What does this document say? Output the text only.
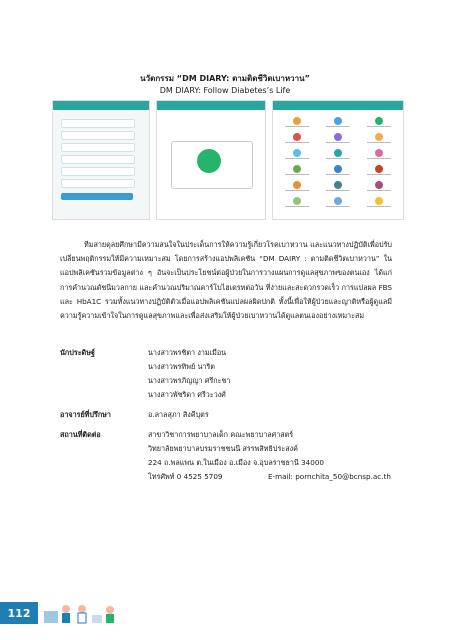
นวัตกรรม “DM DIARY: ตามติดชีวิตเบาหวาน”
DM DIARY: Follow Diabetes’s Life

ทีมสายดุลยศึกษามีความสนใจในประเด็นการให้ความรู้เกี่ยวโรคเบาหวาน และแนวทางปฏิบัติเพื่อปรับเปลี่ยนพฤติกรรมให้มีความเหมาะสม โดยการสร้างแอปพลิเคชัน “DM DAIRY : ตามติดชีวิตเบาหวาน” ในแอปพลิเคชันรวมข้อมูลต่าง ๆ อันจะเป็นประโยชน์ต่อผู้ป่วยในการวางแผนการดูแลสุขภาพของตนเอง ได้แก่ การคำนวณดัชนีมวลกาย และคำนวณปริมาณคาร์โบไฮเดรทต่อวัน ที่ง่ายและสะดวกรวดเร็ว การแปลผล FBS และ HbA1C รวมทั้งแนวทางปฏิบัติตัวเมื่อแอปพลิเคชันแปลผลผิดปกติ ทั้งนี้เพื่อให้ผู้ป่วยและญาติหรือผู้ดูแลมีความรู้ความเข้าใจในการดูแลสุขภาพและเพื่อส่งเสริมให้ผู้ป่วยเบาหวานได้ดูแลตนเองอย่างเหมาะสม

นักประดิษฐ์	นางสาวพรชิตา งามเมือน
นางสาวพรทิพย์ นาริต
นางสาวพรภิญญา ศรีกะชา
นางสาวพัชริดา ศรีวะวงศ์
อาจารย์ที่ปรึกษา	อ.ลาลสุภา สิงคีบุตร
สถานที่ติดต่อ	สาขาวิชาการพยาบาลเด็ก คณะพยาบาลศาสตร์
วิทยาลัยพยาบาลบรมราชชนนี สรรพสิทธิประสงค์
224 ถ.พลแพน ต.ในเมือง อ.เมือง จ.อุบลราชธานี 34000
โทรศัพท์ 0 4525 5709	E-mail: pornchita_50@bcnsp.ac.th
112
